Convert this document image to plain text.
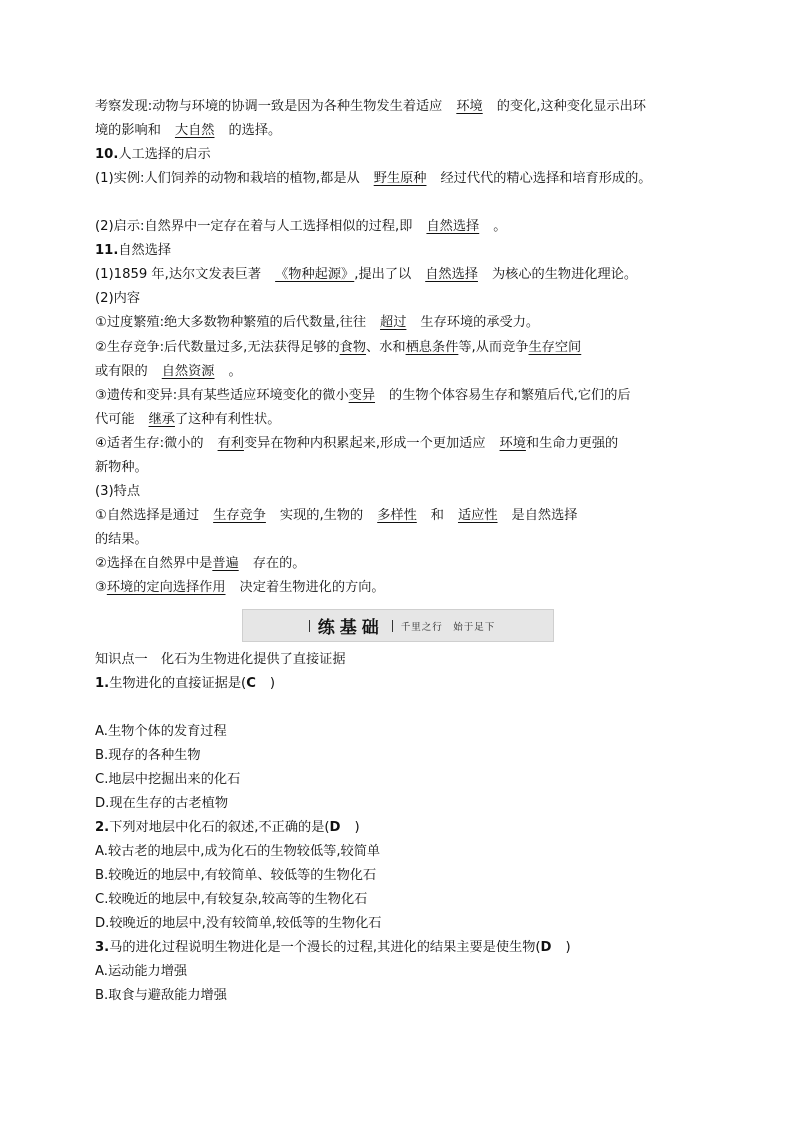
考察发现:动物与环境的协调一致是因为各种生物发生着适应 环境 的变化,这种变化显示出环
境的影响和 大自然 的选择。
10.人工选择的启示
(1)实例:人们饲养的动物和栽培的植物,都是从 野生原种 经过代代的精心选择和培育形成的。
(2)启示:自然界中一定存在着与人工选择相似的过程,即 自然选择 。
11.自然选择
(1)1859 年,达尔文发表巨著 《物种起源》,提出了以 自然选择 为核心的生物进化理论。
(2)内容
①过度繁殖:绝大多数物种繁殖的后代数量,往往 超过 生存环境的承受力。
②生存竞争:后代数量过多,无法获得足够的食物、水和栖息条件等,从而竞争生存空间
或有限的 自然资源 。
③遗传和变异:具有某些适应环境变化的微小变异 的生物个体容易生存和繁殖后代,它们的后
代可能 继承了这种有利性状。
④适者生存:微小的 有利变异在物种内积累起来,形成一个更加适应 环境和生命力更强的
新物种。
(3)特点
①自然选择是通过 生存竞争 实现的,生物的 多样性 和 适应性 是自然选择
的结果。
②选择在自然界中是普遍 存在的。
③环境的定向选择作用 决定着生物进化的方向。
练基础 千里之行　始于足下
知识点一　化石为生物进化提供了直接证据
1.生物进化的直接证据是(C )
A.生物个体的发育过程
B.现存的各种生物
C.地层中挖掘出来的化石
D.现在生存的古老植物
2.下列对地层中化石的叙述,不正确的是(D )
A.较古老的地层中,成为化石的生物较低等,较简单
B.较晚近的地层中,有较简单、较低等的生物化石
C.较晚近的地层中,有较复杂,较高等的生物化石
D.较晚近的地层中,没有较简单,较低等的生物化石
3.马的进化过程说明生物进化是一个漫长的过程,其进化的结果主要是使生物(D )
A.运动能力增强
B.取食与避敌能力增强
